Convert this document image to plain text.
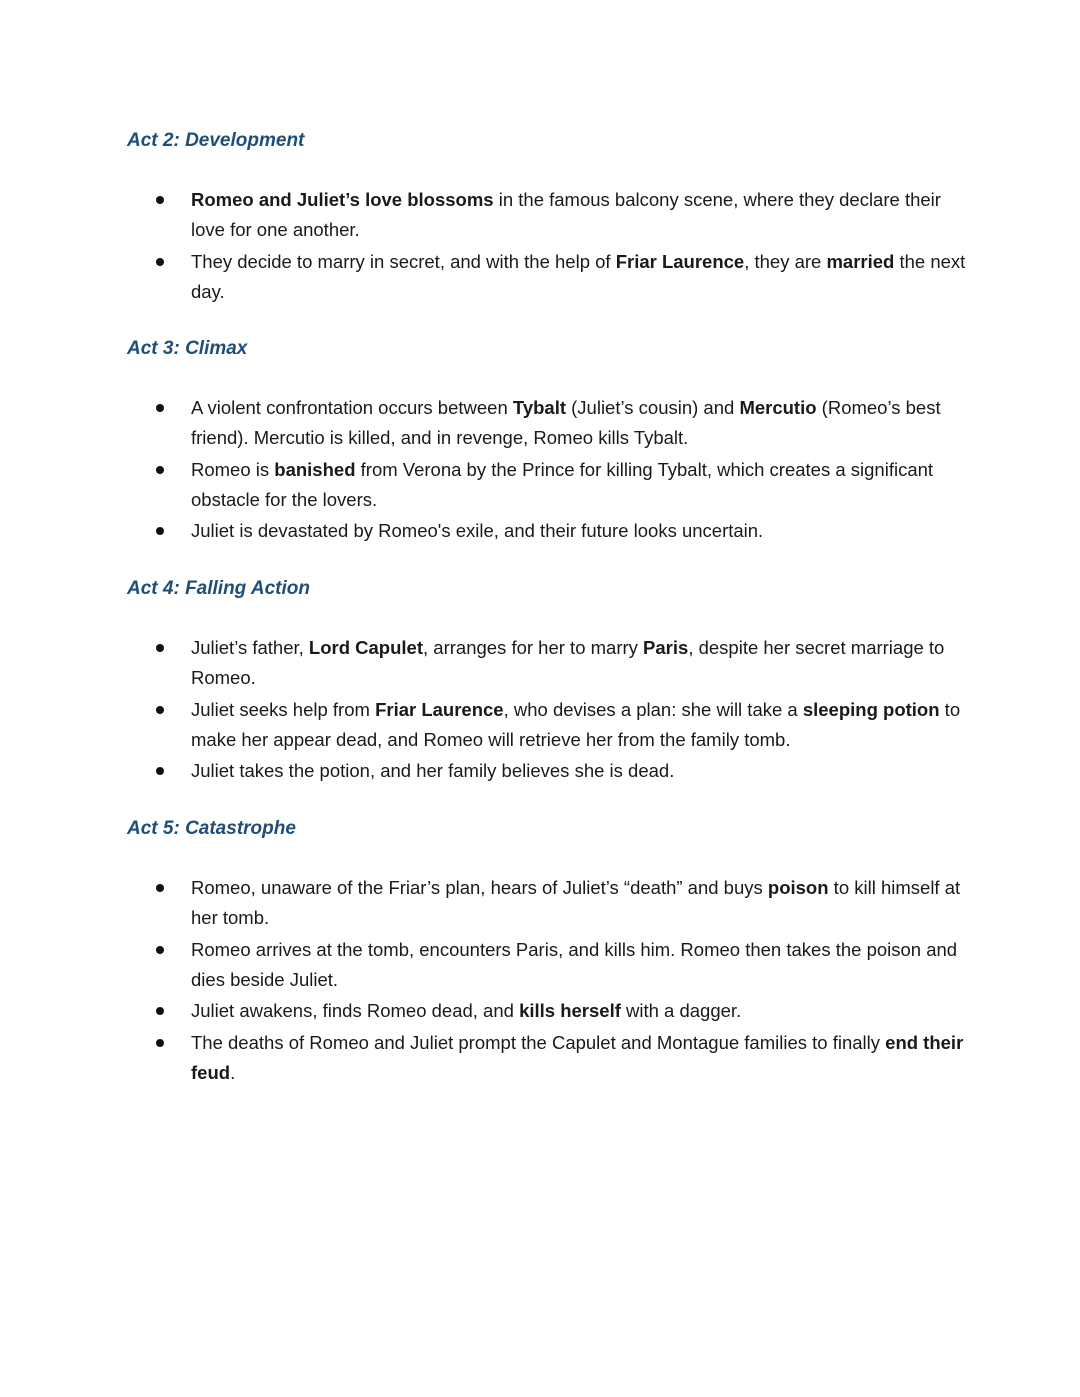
Act 2: Development
Romeo and Juliet’s love blossoms in the famous balcony scene, where they declare their love for one another.
They decide to marry in secret, and with the help of Friar Laurence, they are married the next day.
Act 3: Climax
A violent confrontation occurs between Tybalt (Juliet’s cousin) and Mercutio (Romeo’s best friend). Mercutio is killed, and in revenge, Romeo kills Tybalt.
Romeo is banished from Verona by the Prince for killing Tybalt, which creates a significant obstacle for the lovers.
Juliet is devastated by Romeo's exile, and their future looks uncertain.
Act 4: Falling Action
Juliet’s father, Lord Capulet, arranges for her to marry Paris, despite her secret marriage to Romeo.
Juliet seeks help from Friar Laurence, who devises a plan: she will take a sleeping potion to make her appear dead, and Romeo will retrieve her from the family tomb.
Juliet takes the potion, and her family believes she is dead.
Act 5: Catastrophe
Romeo, unaware of the Friar’s plan, hears of Juliet’s “death” and buys poison to kill himself at her tomb.
Romeo arrives at the tomb, encounters Paris, and kills him. Romeo then takes the poison and dies beside Juliet.
Juliet awakens, finds Romeo dead, and kills herself with a dagger.
The deaths of Romeo and Juliet prompt the Capulet and Montague families to finally end their feud.
